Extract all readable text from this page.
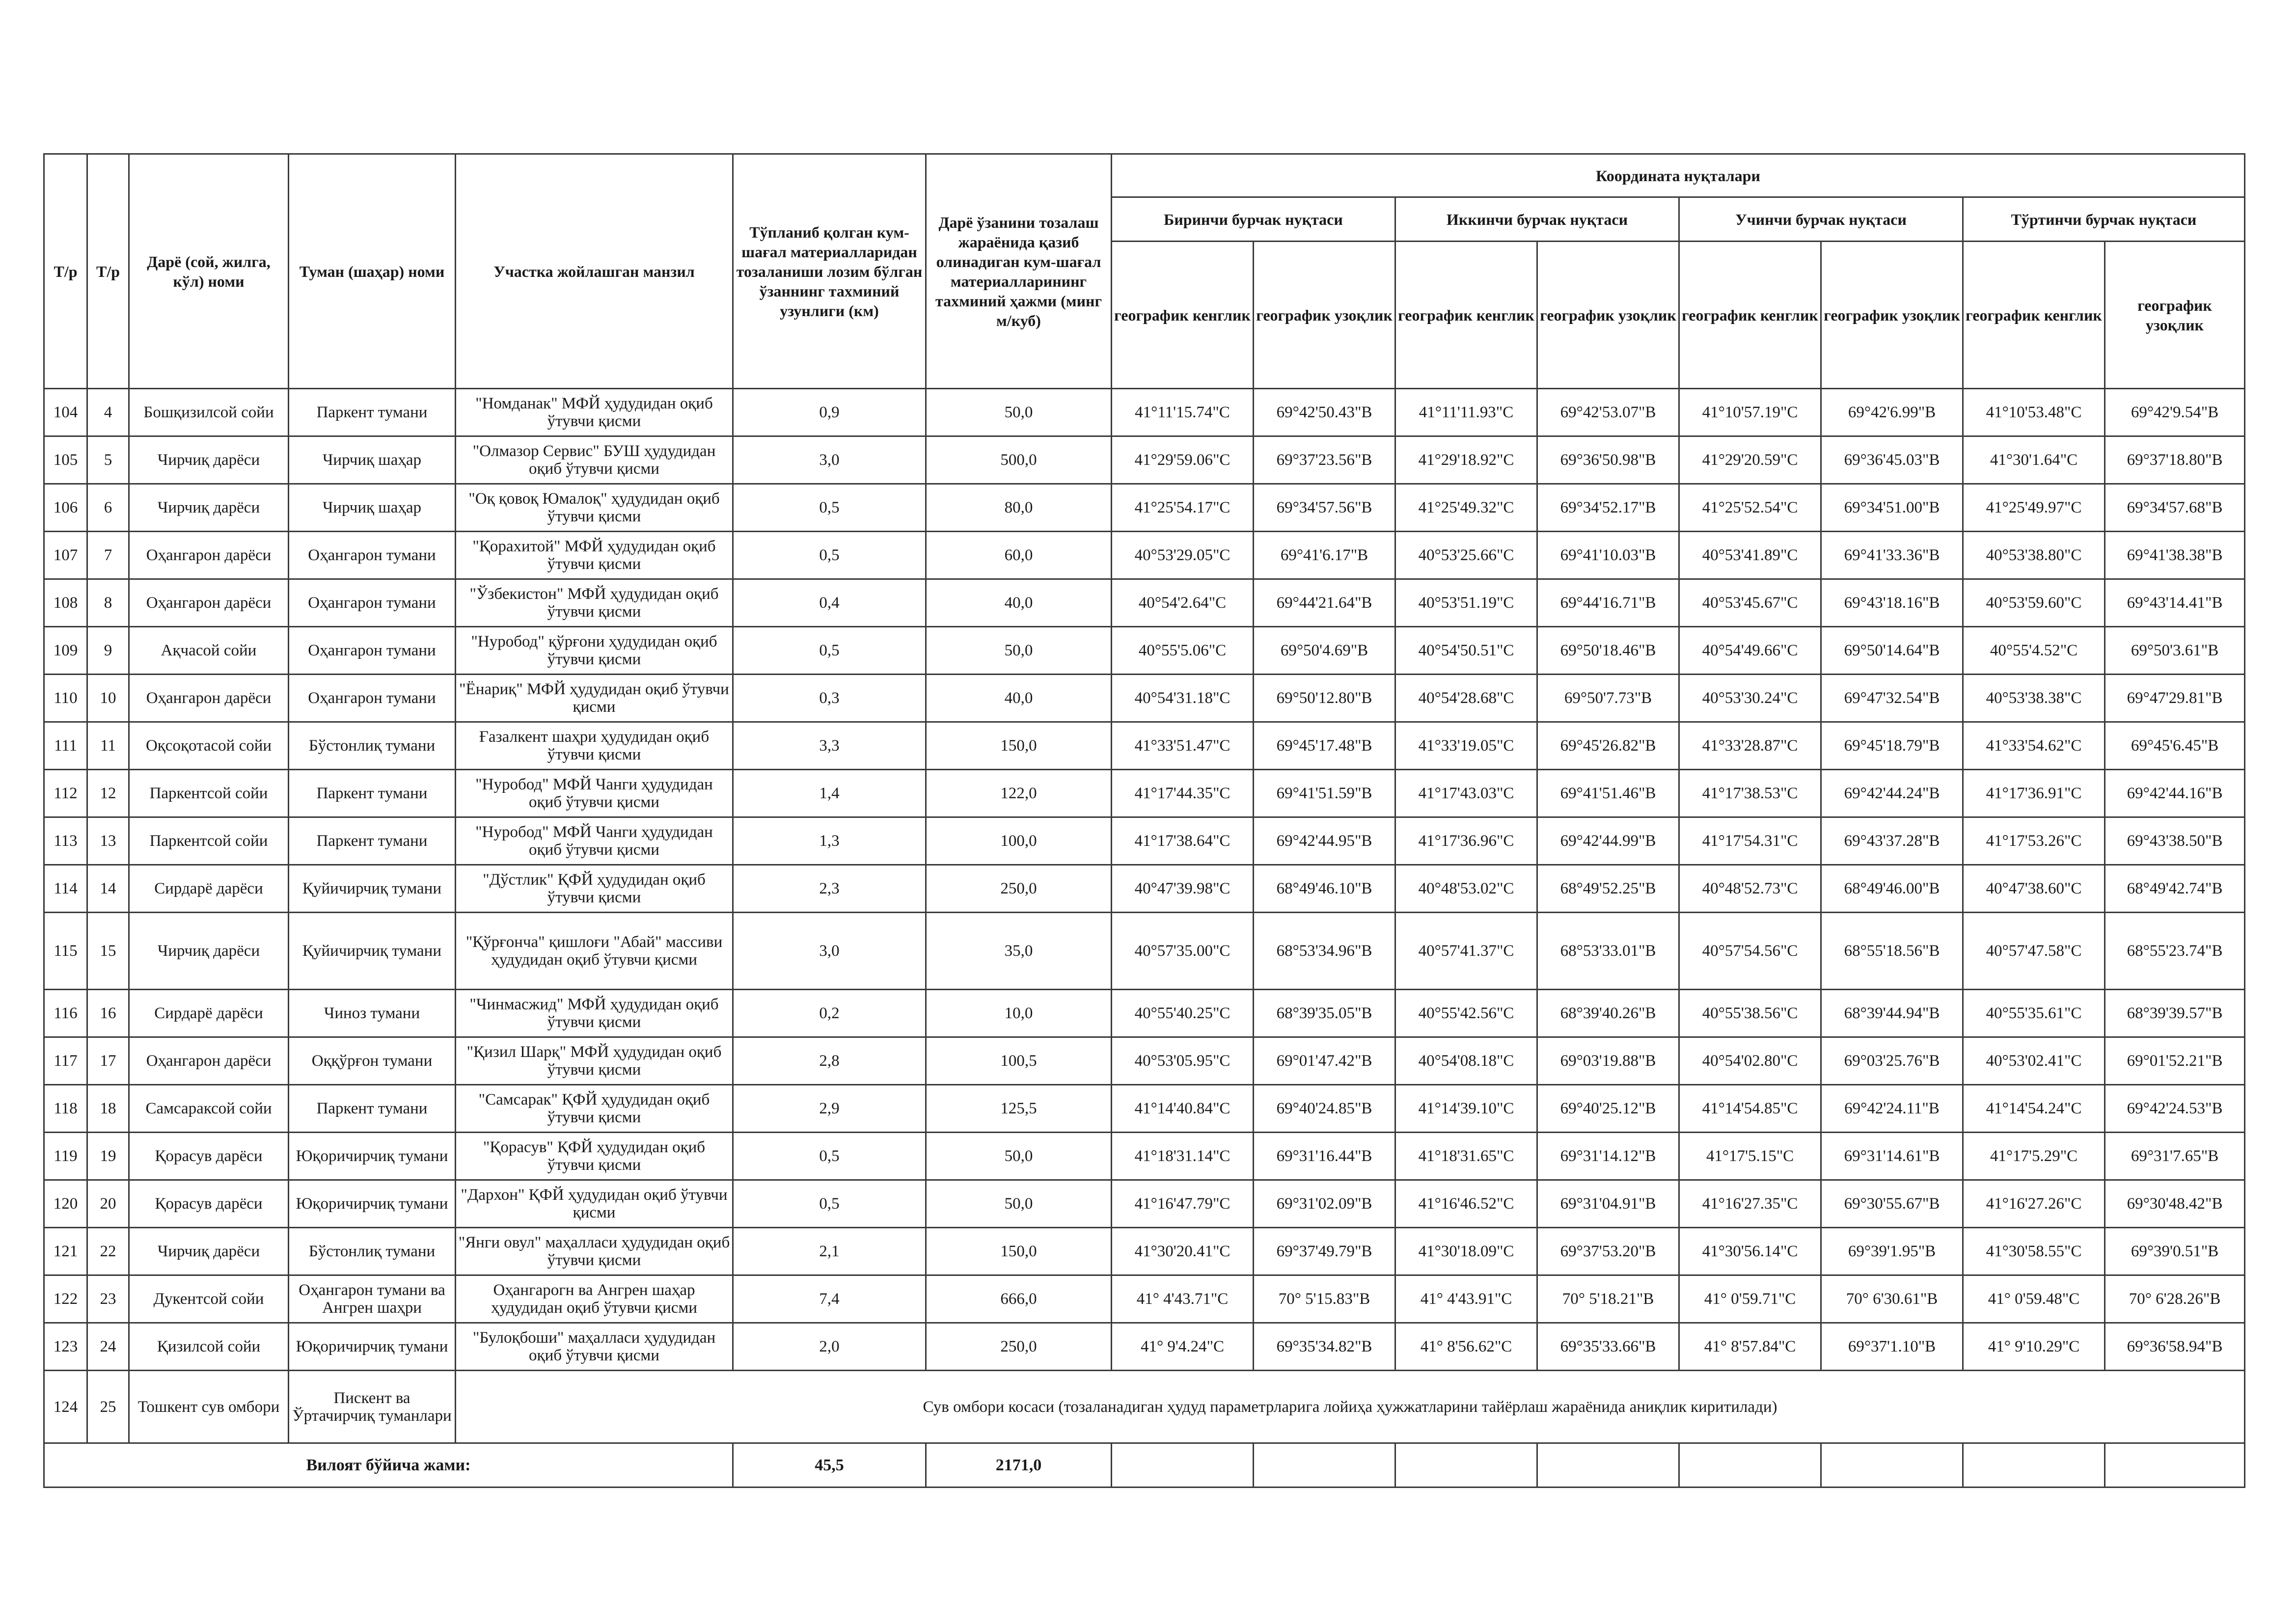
Т/р	Т/р	Дарё (сой, жилга, кўл) номи	Туман (шаҳар) номи	Участка жойлашган манзил	Тўпланиб қолган кум-шағал материалларидан тозаланиши лозим бўлган ўзаннинг тахминий узунлиги (км)	Дарё ўзанини тозалаш жараёнида қазиб олинадиган кум-шағал материалларининг тахминий ҳажми (минг м/куб)	Координата нуқталари							
							Биринчи бурчак нуқтаси		Иккинчи бурчак нуқтаси		Учинчи бурчак нуқтаси		Тўртинчи бурчак нуқтаси	
							географик кенглик	географик узоқлик	географик кенглик	географик узоқлик	географик кенглик	географик узоқлик	географик кенглик	географик узоқлик
104	4	Бошқизилсой сойи	Паркент тумани	"Номданак" МФЙ ҳудудидан оқиб ўтувчи қисми	0,9	50,0	41°11'15.74"С	69°42'50.43"В	41°11'11.93"С	69°42'53.07"В	41°10'57.19"С	69°42'6.99"В	41°10'53.48"С	69°42'9.54"В
105	5	Чирчиқ дарёси	Чирчиқ шаҳар	"Олмазор Сервис" БУШ ҳудудидан оқиб ўтувчи қисми	3,0	500,0	41°29'59.06"С	69°37'23.56"В	41°29'18.92"С	69°36'50.98"В	41°29'20.59"С	69°36'45.03"В	41°30'1.64"С	69°37'18.80"В
106	6	Чирчиқ дарёси	Чирчиқ шаҳар	"Оқ қовоқ Юмалоқ" ҳудудидан оқиб ўтувчи қисми	0,5	80,0	41°25'54.17"С	69°34'57.56"В	41°25'49.32"С	69°34'52.17"В	41°25'52.54"С	69°34'51.00"В	41°25'49.97"С	69°34'57.68"В
107	7	Оҳангарон дарёси	Оҳангарон тумани	"Қорахитой" МФЙ ҳудудидан оқиб ўтувчи қисми	0,5	60,0	40°53'29.05"С	69°41'6.17"В	40°53'25.66"С	69°41'10.03"В	40°53'41.89"С	69°41'33.36"В	40°53'38.80"С	69°41'38.38"В
108	8	Оҳангарон дарёси	Оҳангарон тумани	"Ўзбекистон" МФЙ ҳудудидан оқиб ўтувчи қисми	0,4	40,0	40°54'2.64"С	69°44'21.64"В	40°53'51.19"С	69°44'16.71"В	40°53'45.67"С	69°43'18.16"В	40°53'59.60"С	69°43'14.41"В
109	9	Ақчасой сойи	Оҳангарон тумани	"Нуробод" қўрғони ҳудудидан оқиб ўтувчи қисми	0,5	50,0	40°55'5.06"С	69°50'4.69"В	40°54'50.51"С	69°50'18.46"В	40°54'49.66"С	69°50'14.64"В	40°55'4.52"С	69°50'3.61"В
110	10	Оҳангарон дарёси	Оҳангарон тумани	"Ёнариқ" МФЙ ҳудудидан оқиб ўтувчи қисми	0,3	40,0	40°54'31.18"С	69°50'12.80"В	40°54'28.68"С	69°50'7.73"В	40°53'30.24"С	69°47'32.54"В	40°53'38.38"С	69°47'29.81"В
111	11	Оқсоқотасой сойи	Бўстонлиқ тумани	Ғазалкент шаҳри ҳудудидан оқиб ўтувчи қисми	3,3	150,0	41°33'51.47"С	69°45'17.48"В	41°33'19.05"С	69°45'26.82"В	41°33'28.87"С	69°45'18.79"В	41°33'54.62"С	69°45'6.45"В
112	12	Паркентсой сойи	Паркент тумани	"Нуробод" МФЙ Чанги ҳудудидан оқиб ўтувчи қисми	1,4	122,0	41°17'44.35"С	69°41'51.59"В	41°17'43.03"С	69°41'51.46"В	41°17'38.53"С	69°42'44.24"В	41°17'36.91"С	69°42'44.16"В
113	13	Паркентсой сойи	Паркент тумани	"Нуробод" МФЙ Чанги ҳудудидан оқиб ўтувчи қисми	1,3	100,0	41°17'38.64"С	69°42'44.95"В	41°17'36.96"С	69°42'44.99"В	41°17'54.31"С	69°43'37.28"В	41°17'53.26"С	69°43'38.50"В
114	14	Сирдарё дарёси	Қуйичирчиқ тумани	"Дўстлик" ҚФЙ ҳудудидан оқиб ўтувчи қисми	2,3	250,0	40°47'39.98"С	68°49'46.10"В	40°48'53.02"С	68°49'52.25"В	40°48'52.73"С	68°49'46.00"В	40°47'38.60"С	68°49'42.74"В
115	15	Чирчиқ дарёси	Қуйичирчиқ тумани	"Қўрғонча" қишлоғи "Абай" массиви ҳудудидан оқиб ўтувчи қисми	3,0	35,0	40°57'35.00"С	68°53'34.96"В	40°57'41.37"С	68°53'33.01"В	40°57'54.56"С	68°55'18.56"В	40°57'47.58"С	68°55'23.74"В
116	16	Сирдарё дарёси	Чиноз тумани	"Чинмасжид" МФЙ ҳудудидан оқиб ўтувчи қисми	0,2	10,0	40°55'40.25"С	68°39'35.05"В	40°55'42.56"С	68°39'40.26"В	40°55'38.56"С	68°39'44.94"В	40°55'35.61"С	68°39'39.57"В
117	17	Оҳангарон дарёси	Оққўрғон тумани	"Қизил Шарқ" МФЙ ҳудудидан оқиб ўтувчи қисми	2,8	100,5	40°53'05.95"С	69°01'47.42"В	40°54'08.18"С	69°03'19.88"В	40°54'02.80"С	69°03'25.76"В	40°53'02.41"С	69°01'52.21"В
118	18	Самсараксой сойи	Паркент тумани	"Самсарак" ҚФЙ ҳудудидан оқиб ўтувчи қисми	2,9	125,5	41°14'40.84"С	69°40'24.85"В	41°14'39.10"С	69°40'25.12"В	41°14'54.85"С	69°42'24.11"В	41°14'54.24"С	69°42'24.53"В
119	19	Қорасув дарёси	Юқоричирчиқ тумани	"Қорасув" ҚФЙ ҳудудидан оқиб ўтувчи қисми	0,5	50,0	41°18'31.14"С	69°31'16.44"В	41°18'31.65"С	69°31'14.12"В	41°17'5.15"С	69°31'14.61"В	41°17'5.29"С	69°31'7.65"В
120	20	Қорасув дарёси	Юқоричирчиқ тумани	"Дархон" ҚФЙ ҳудудидан оқиб ўтувчи қисми	0,5	50,0	41°16'47.79"С	69°31'02.09"В	41°16'46.52"С	69°31'04.91"В	41°16'27.35"С	69°30'55.67"В	41°16'27.26"С	69°30'48.42"В
121	22	Чирчиқ дарёси	Бўстонлиқ тумани	"Янги овул" маҳалласи ҳудудидан оқиб ўтувчи қисми	2,1	150,0	41°30'20.41"С	69°37'49.79"В	41°30'18.09"С	69°37'53.20"В	41°30'56.14"С	69°39'1.95"В	41°30'58.55"С	69°39'0.51"В
122	23	Дукентсой сойи	Оҳангарон тумани ва Ангрен шаҳри	Оҳангарогн ва Ангрен шаҳар ҳудудидан оқиб ўтувчи қисми	7,4	666,0	41° 4'43.71"С	70° 5'15.83"В	41° 4'43.91"С	70° 5'18.21"В	41° 0'59.71"С	70° 6'30.61"В	41° 0'59.48"С	70° 6'28.26"В
123	24	Қизилсой сойи	Юқоричирчиқ тумани	"Булоқбоши" маҳалласи ҳудудидан оқиб ўтувчи қисми	2,0	250,0	41° 9'4.24"С	69°35'34.82"В	41° 8'56.62"С	69°35'33.66"В	41° 8'57.84"С	69°37'1.10"В	41° 9'10.29"С	69°36'58.94"В
124	25	Тошкент сув омбори	Пискент ва Ўртачирчиқ туманлари	Сув омбори косаси (тозаланадиган ҳудуд параметрларига лойиҳа ҳужжатларини тайёрлаш жараёнида аниқлик киритилади)										
Вилоят бўйича жами:					45,5	2171,0								
